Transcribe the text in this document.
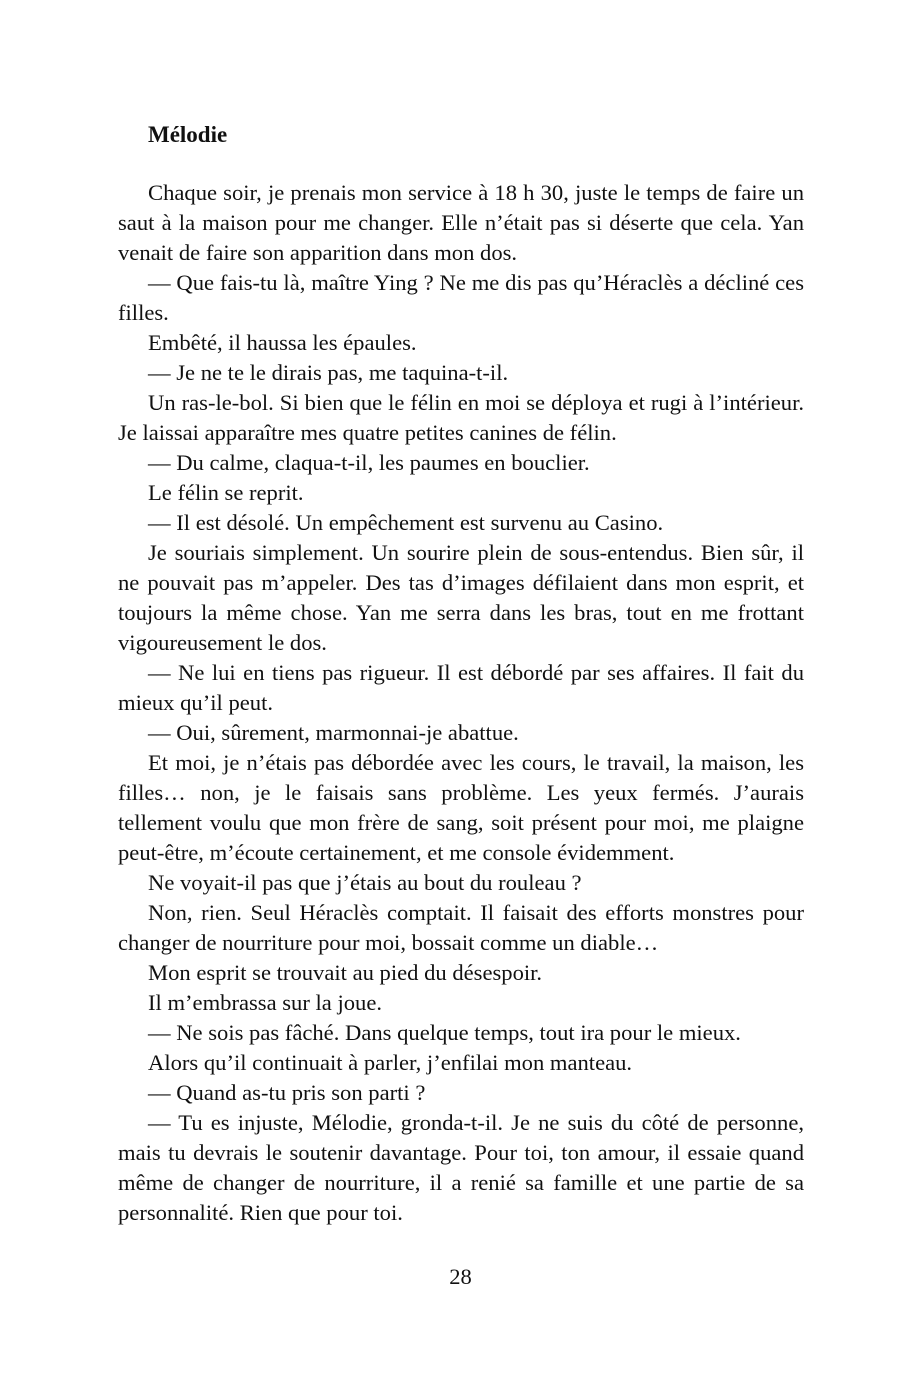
Mélodie

Chaque soir, je prenais mon service à 18 h 30, juste le temps de faire un saut à la maison pour me changer. Elle n’était pas si déserte que cela. Yan venait de faire son apparition dans mon dos.

— Que fais-tu là, maître Ying ? Ne me dis pas qu’Héraclès a décliné ces filles.

Embêté, il haussa les épaules.

— Je ne te le dirais pas, me taquina-t-il.

Un ras-le-bol. Si bien que le félin en moi se déploya et rugi à l’intérieur. Je laissai apparaître mes quatre petites canines de félin.

— Du calme, claqua-t-il, les paumes en bouclier.

Le félin se reprit.

— Il est désolé. Un empêchement est survenu au Casino.

Je souriais simplement. Un sourire plein de sous-entendus. Bien sûr, il ne pouvait pas m’appeler. Des tas d’images défilaient dans mon esprit, et toujours la même chose. Yan me serra dans les bras, tout en me frottant vigoureusement le dos.

— Ne lui en tiens pas rigueur. Il est débordé par ses affaires. Il fait du mieux qu’il peut.

— Oui, sûrement, marmonnai-je abattue.

Et moi, je n’étais pas débordée avec les cours, le travail, la maison, les filles… non, je le faisais sans problème. Les yeux fermés. J’aurais tellement voulu que mon frère de sang, soit présent pour moi, me plaigne peut-être, m’écoute certainement, et me console évidemment.

Ne voyait-il pas que j’étais au bout du rouleau ?

Non, rien. Seul Héraclès comptait. Il faisait des efforts monstres pour changer de nourriture pour moi, bossait comme un diable…

Mon esprit se trouvait au pied du désespoir.

Il m’embrassa sur la joue.

— Ne sois pas fâché. Dans quelque temps, tout ira pour le mieux.

Alors qu’il continuait à parler, j’enfilai mon manteau.

— Quand as-tu pris son parti ?

— Tu es injuste, Mélodie, gronda-t-il. Je ne suis du côté de personne, mais tu devrais le soutenir davantage. Pour toi, ton amour, il essaie quand même de changer de nourriture, il a renié sa famille et une partie de sa personnalité. Rien que pour toi.

28
